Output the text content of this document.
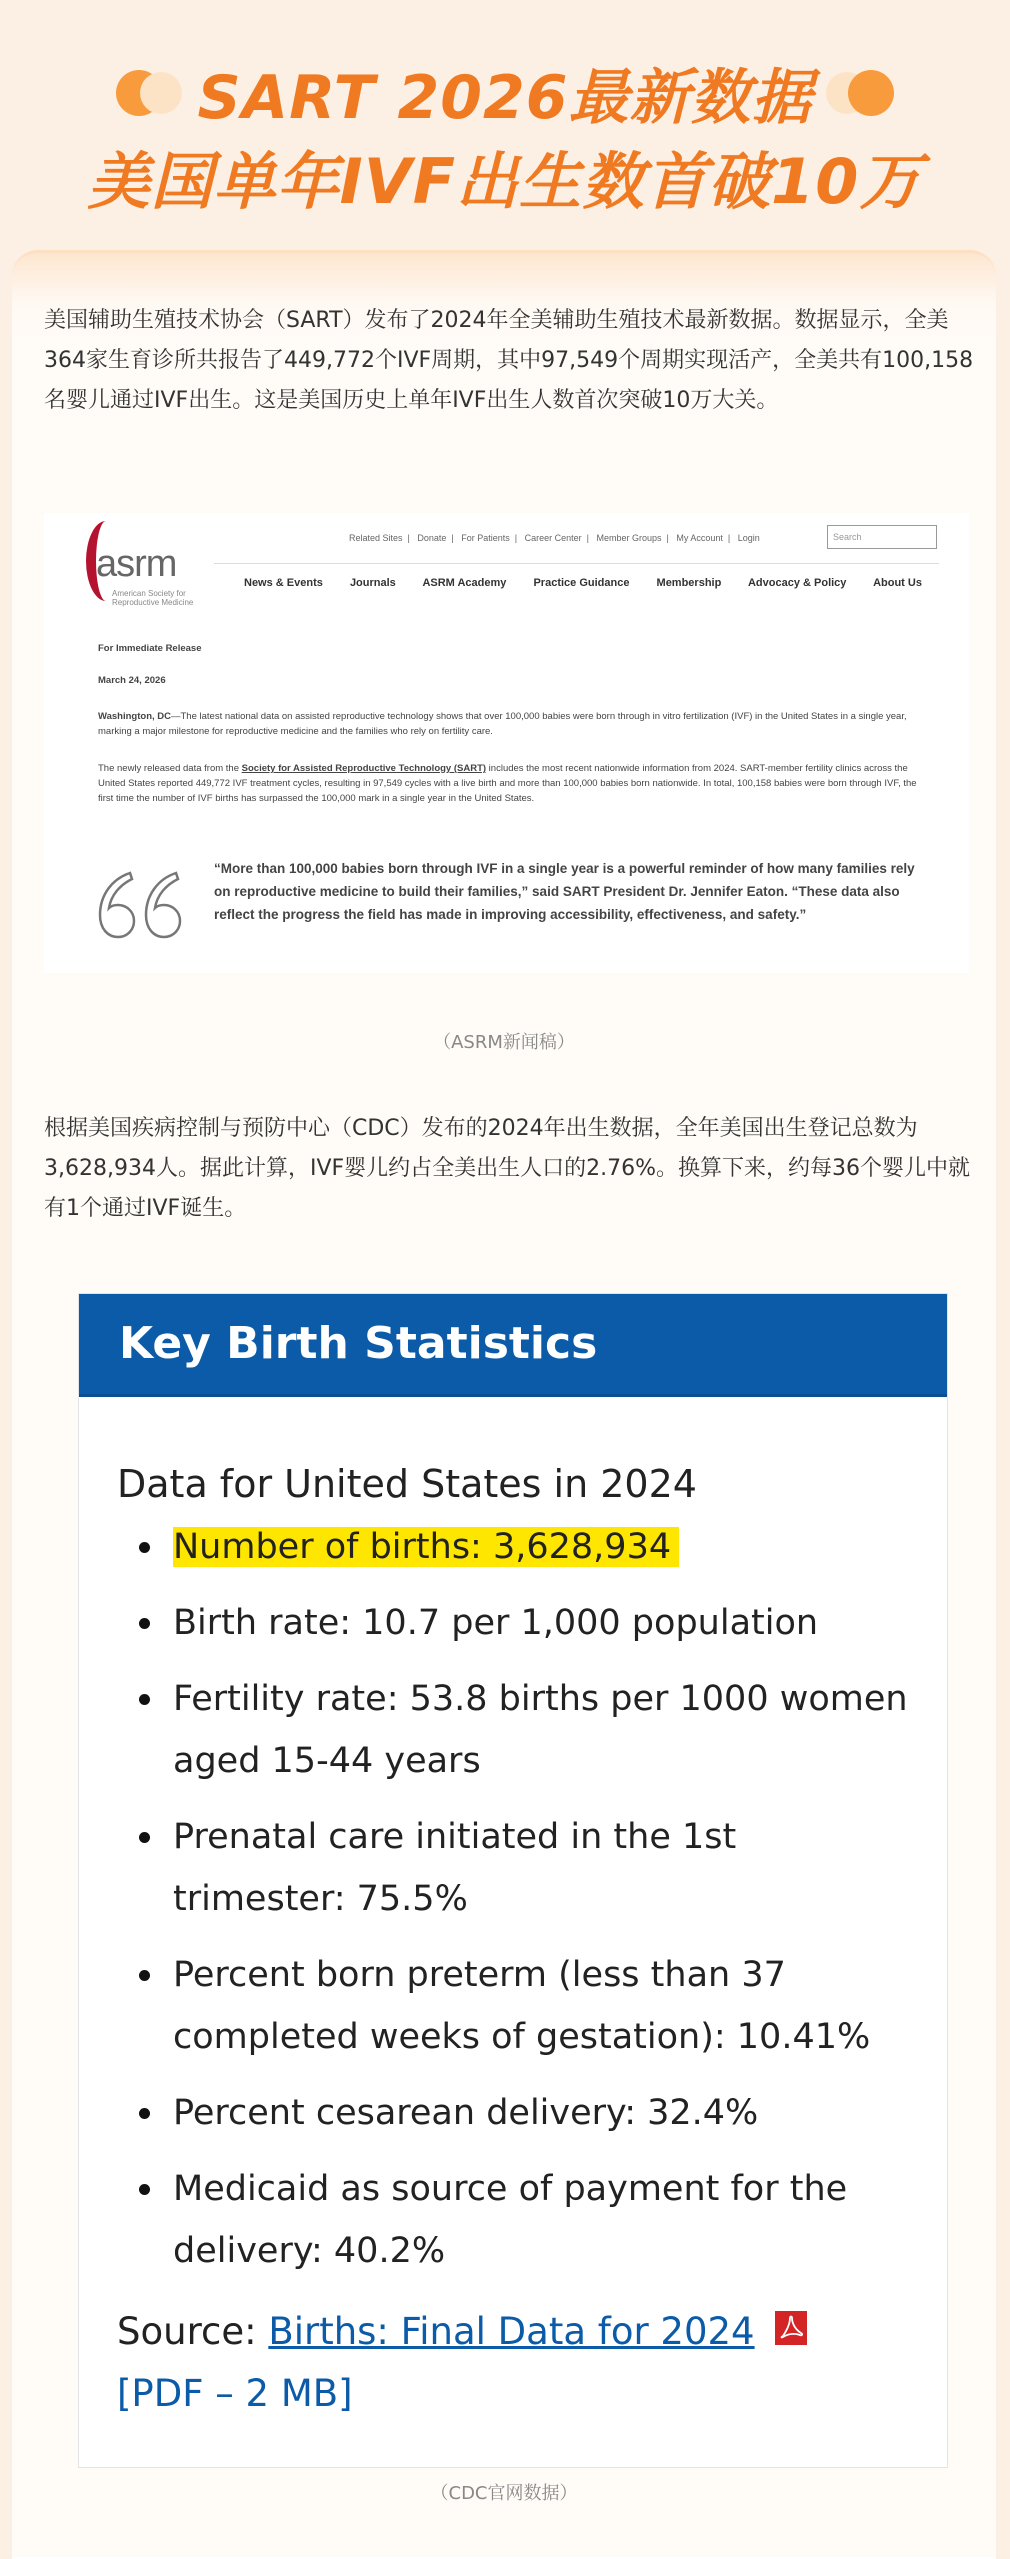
SART 2026最新数据
美国单年IVF出生数首破10万

美国辅助生殖技术协会（SART）发布了2024年全美辅助生殖技术最新数据。数据显示，全美364家生育诊所共报告了449,772个IVF周期，其中97,549个周期实现活产，全美共有100,158名婴儿通过IVF出生。这是美国历史上单年IVF出生人数首次突破10万大关。

asrm
American Society for Reproductive Medicine
Related Sites | Donate | For Patients | Career Center | Member Groups | My Account | Login	Search
News & Events Journals ASRM Academy Practice Guidance Membership Advocacy & Policy About Us
For Immediate Release
March 24, 2026
Washington, DC—The latest national data on assisted reproductive technology shows that over 100,000 babies were born through in vitro fertilization (IVF) in the United States in a single year, marking a major milestone for reproductive medicine and the families who rely on fertility care.
The newly released data from the Society for Assisted Reproductive Technology (SART) includes the most recent nationwide information from 2024. SART-member fertility clinics across the United States reported 449,772 IVF treatment cycles, resulting in 97,549 cycles with a live birth and more than 100,000 babies born nationwide. In total, 100,158 babies were born through IVF, the first time the number of IVF births has surpassed the 100,000 mark in a single year in the United States.
“More than 100,000 babies born through IVF in a single year is a powerful reminder of how many families rely on reproductive medicine to build their families,” said SART President Dr. Jennifer Eaton. “These data also reflect the progress the field has made in improving accessibility, effectiveness, and safety.”
（ASRM新闻稿）

根据美国疾病控制与预防中心（CDC）发布的2024年出生数据，全年美国出生登记总数为3,628,934人。据此计算，IVF婴儿约占全美出生人口的2.76%。换算下来，约每36个婴儿中就有1个通过IVF诞生。

Key Birth Statistics
Data for United States in 2024
Number of births: 3,628,934
Birth rate: 10.7 per 1,000 population
Fertility rate: 53.8 births per 1000 women aged 15-44 years
Prenatal care initiated in the 1st trimester: 75.5%
Percent born preterm (less than 37 completed weeks of gestation): 10.41%
Percent cesarean delivery: 32.4%
Medicaid as source of payment for the delivery: 40.2%
Source: Births: Final Data for 2024
[PDF – 2 MB]
（CDC官网数据）
